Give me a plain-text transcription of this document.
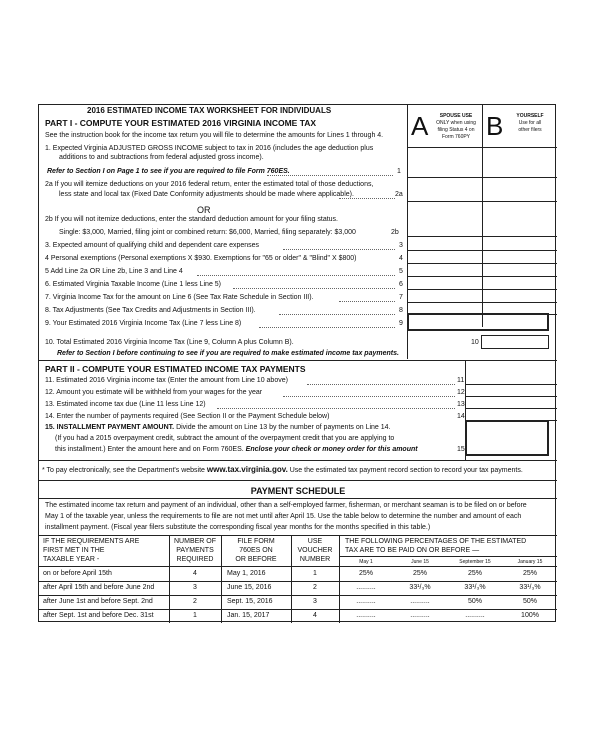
2016 ESTIMATED INCOME TAX WORKSHEET FOR INDIVIDUALS
PART I - COMPUTE YOUR ESTIMATED 2016 VIRGINIA INCOME TAX
See the instruction book for the income tax return you will file to determine the amounts for Lines 1 through 4.
1. Expected Virginia ADJUSTED GROSS INCOME subject to tax in 2016 (includes the age deduction plus
additions to and subtractions from federal adjusted gross income).
Refer to Section I on Page 1 to see if you are required to file Form 760ES.	1
2a If you will itemize deductions on your 2016 federal return, enter the estimated total of those deductions,
less state and local tax (Fixed Date Conformity adjustments should be made where applicable).	2a
OR
2b If you will not itemize deductions, enter the standard deduction amount for your filing status.
Single: $3,000, Married, filing joint or combined return: $6,000, Married, filing separately: $3,000	2b
3. Expected amount of qualifying child and dependent care expenses	3
4 Personal exemptions (Personal exemptions X $930. Exemptions for "65 or older" & "Blind" X $800)	4
5 Add Line 2a OR Line 2b, Line 3 and Line 4	5
6. Estimated Virginia Taxable Income (Line 1 less Line 5)	6
7. Virginia Income Tax for the amount on Line 6 (See Tax Rate Schedule in Section III).	7
8. Tax Adjustments (See Tax Credits and Adjustments in Section III).	8
9. Your Estimated 2016 Virginia Income Tax (Line 7 less Line 8)	9
10. Total Estimated 2016 Virginia Income Tax (Line 9, Column A plus Column B).	10
Refer to Section I before continuing to see if you are required to make estimated income tax payments.
A	SPOUSE USE
ONLY when using
filing Status 4 on
Form 760PY B	YOURSELF
Use for all
other filers
PART II - COMPUTE YOUR ESTIMATED INCOME TAX PAYMENTS
11. Estimated 2016 Virginia income tax (Enter the amount from Line 10 above)	11
12. Amount you estimate will be withheld from your wages for the year	12
13. Estimated income tax due (Line 11 less Line 12)	13
14. Enter the number of payments required (See Section II or the Payment Schedule below)	14
15. INSTALLMENT PAYMENT AMOUNT. Divide the amount on Line 13 by the number of payments on Line 14.
(If you had a 2015 overpayment credit, subtract the amount of the overpayment credit that you are applying to
this installment.) Enter the amount here and on Form 760ES. Enclose your check or money order for this amount	15
* To pay electronically, see the Department's website www.tax.virginia.gov. Use the estimated tax payment record section to record your tax payments.
PAYMENT SCHEDULE
The estimated income tax return and payment of an individual, other than a self-employed farmer, fisherman, or merchant seaman is to be filed on or before
May 1 of the taxable year, unless the requirements to file are not met until after April 15. Use the table below to determine the number and amount of each
installment payment. (Fiscal year filers substitute the corresponding fiscal year months for the months specified in this table.)
IF THE REQUIREMENTS ARE
FIRST MET IN THE
TAXABLE YEAR -
NUMBER OF
PAYMENTS
REQUIRED
FILE FORM
760ES ON
OR BEFORE
USE
VOUCHER
NUMBER
THE FOLLOWING PERCENTAGES OF THE ESTIMATED
TAX ARE TO BE PAID ON OR BEFORE —
May 1	June 15	September 15	January 15
on or before April 15th	4	May 1, 2016	1	25%	25%	25%	25%
after April 15th and before June 2nd	3	June 15, 2016	2	..........	33¹/₃%	33¹/₃%	33¹/₃%
after June 1st and before Sept. 2nd	2	Sept. 15, 2016	3	..........	..........	50%	50%
after Sept. 1st and before Dec. 31st	1	Jan. 15, 2017	4	..........	..........	..........	100%
